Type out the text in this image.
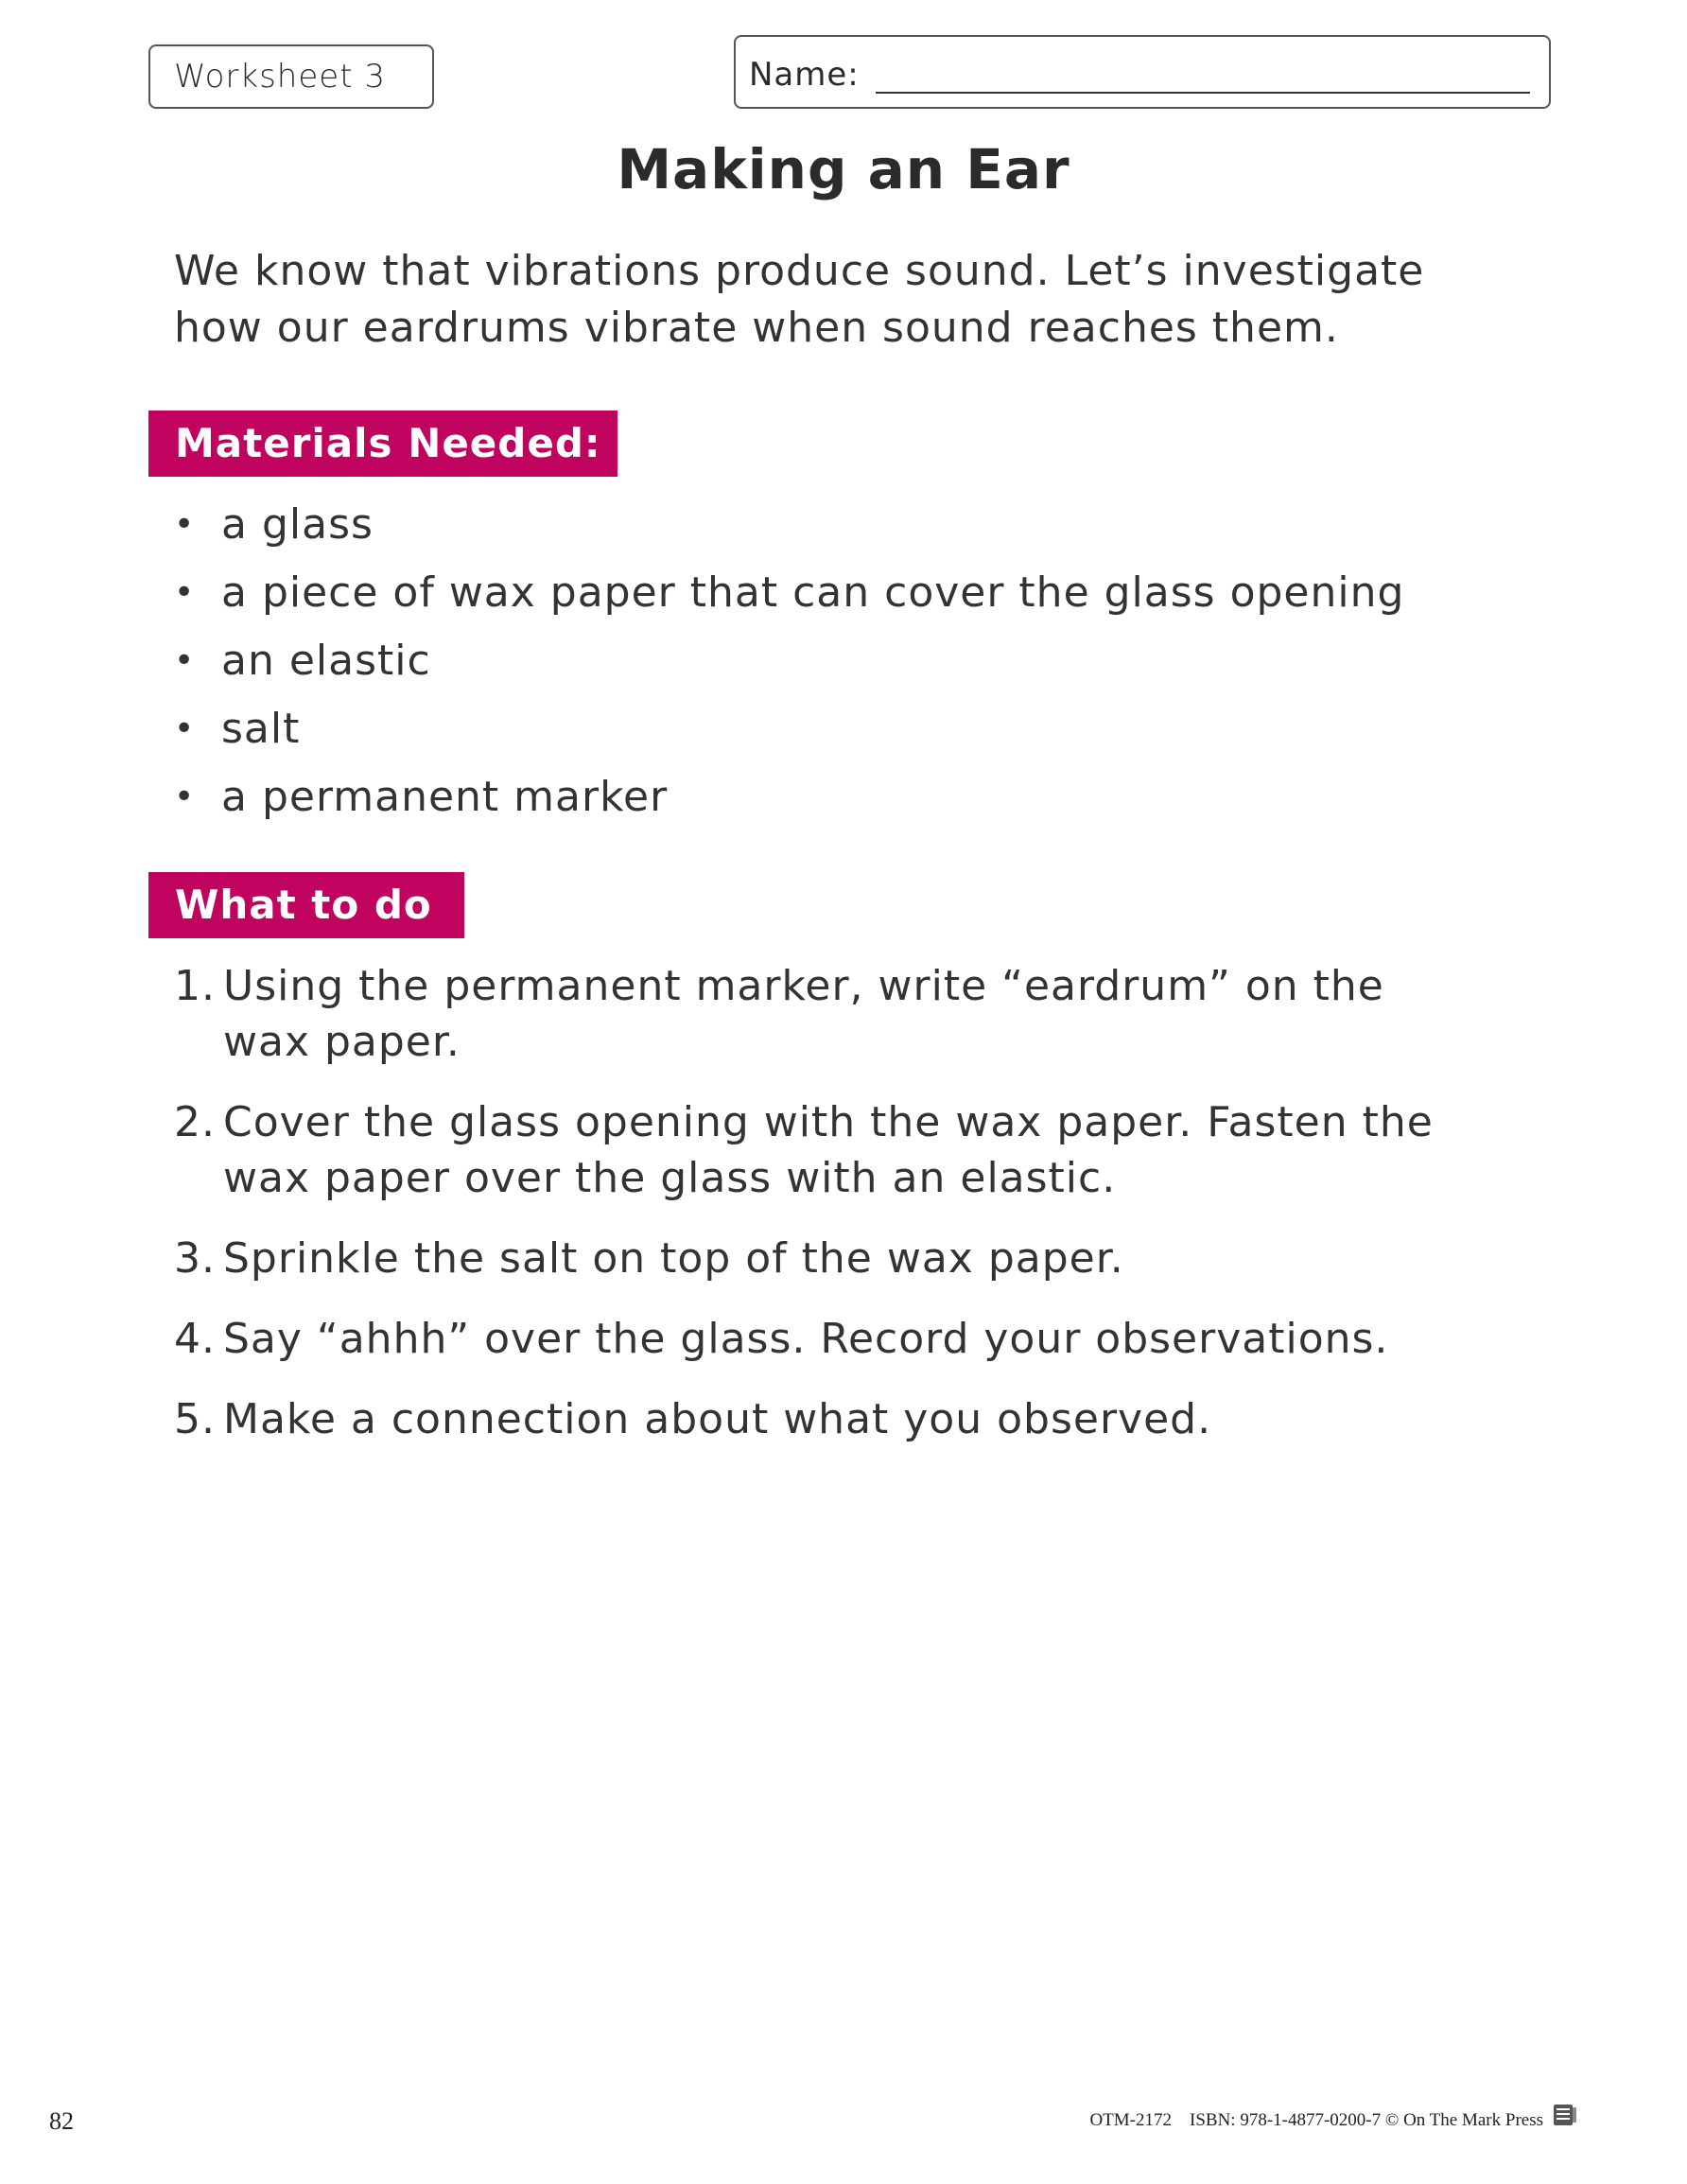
Worksheet 3	Name:
Making an Ear

We know that vibrations produce sound. Let’s investigate how our eardrums vibrate when sound reaches them.

Materials Needed:
• a glass
• a piece of wax paper that can cover the glass opening
• an elastic
• salt
• a permanent marker
What to do
1. Using the permanent marker, write “eardrum” on the wax paper.
2. Cover the glass opening with the wax paper. Fasten the wax paper over the glass with an elastic.
3. Sprinkle the salt on top of the wax paper.
4. Say “ahhh” over the glass. Record your observations.
5. Make a connection about what you observed.
82	OTM-2172    ISBN: 978-1-4877-0200-7 © On The Mark Press
